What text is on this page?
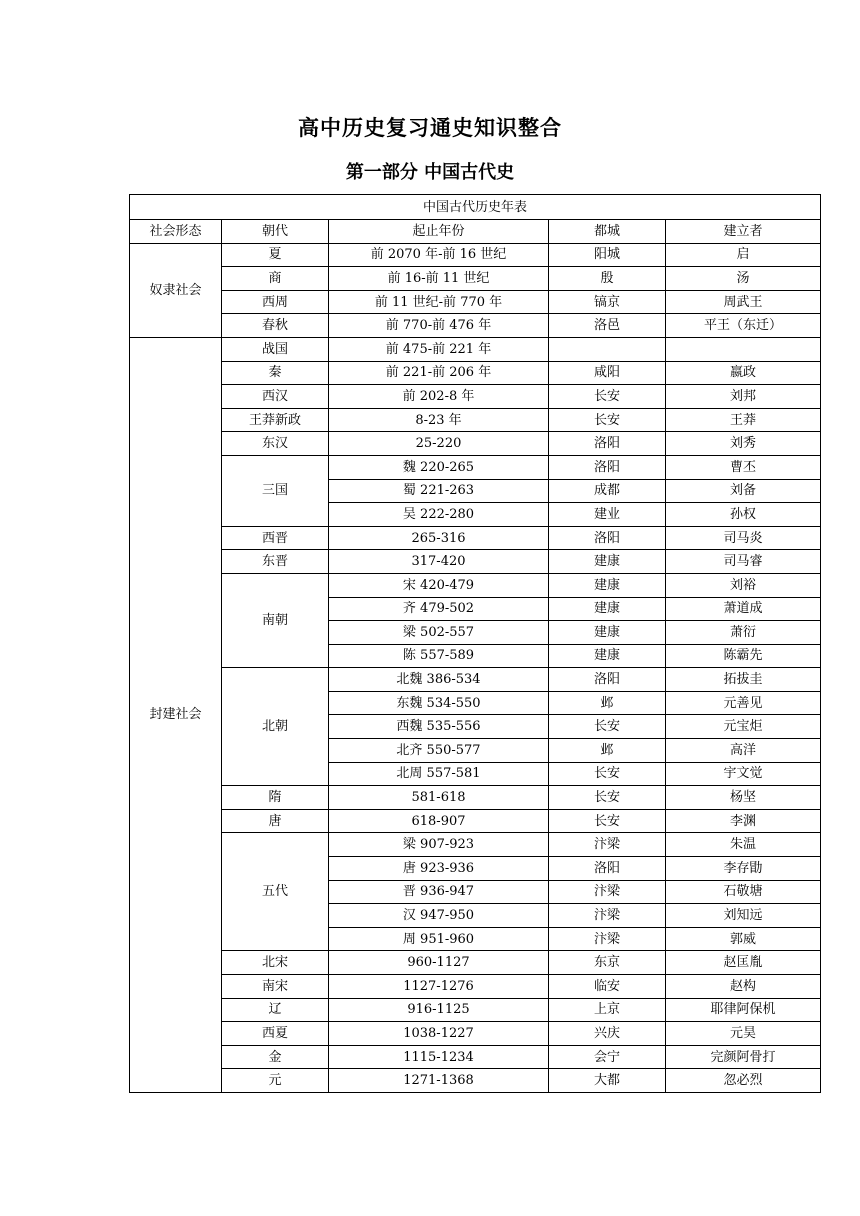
高中历史复习通史知识整合
第一部分 中国古代史
中国古代历史年表				
社会形态	朝代	起止年份	都城	建立者
奴隶社会	夏	前 2070 年-前 16 世纪	阳城	启
	商	前 16-前 11 世纪	殷	汤
	西周	前 11 世纪-前 770 年	镐京	周武王
	春秋	前 770-前 476 年	洛邑	平王（东迁）
封建社会	战国	前 475-前 221 年		
	秦	前 221-前 206 年	咸阳	嬴政
	西汉	前 202-8 年	长安	刘邦
	王莽新政	8-23 年	长安	王莽
	东汉	25-220	洛阳	刘秀
	三国	魏 220-265	洛阳	曹丕
		蜀 221-263	成都	刘备
		吴 222-280	建业	孙权
	西晋	265-316	洛阳	司马炎
	东晋	317-420	建康	司马睿
	南朝	宋 420-479	建康	刘裕
		齐 479-502	建康	萧道成
		梁 502-557	建康	萧衍
		陈 557-589	建康	陈霸先
	北朝	北魏 386-534	洛阳	拓拔圭
		东魏 534-550	邺	元善见
		西魏 535-556	长安	元宝炬
		北齐 550-577	邺	高洋
		北周 557-581	长安	宇文觉
	隋	581-618	长安	杨坚
	唐	618-907	长安	李渊
	五代	梁 907-923	汴梁	朱温
		唐 923-936	洛阳	李存勖
		晋 936-947	汴梁	石敬塘
		汉 947-950	汴梁	刘知远
		周 951-960	汴梁	郭威
	北宋	960-1127	东京	赵匡胤
	南宋	1127-1276	临安	赵构
	辽	916-1125	上京	耶律阿保机
	西夏	1038-1227	兴庆	元昊
	金	1115-1234	会宁	完颜阿骨打
	元	1271-1368	大都	忽必烈
